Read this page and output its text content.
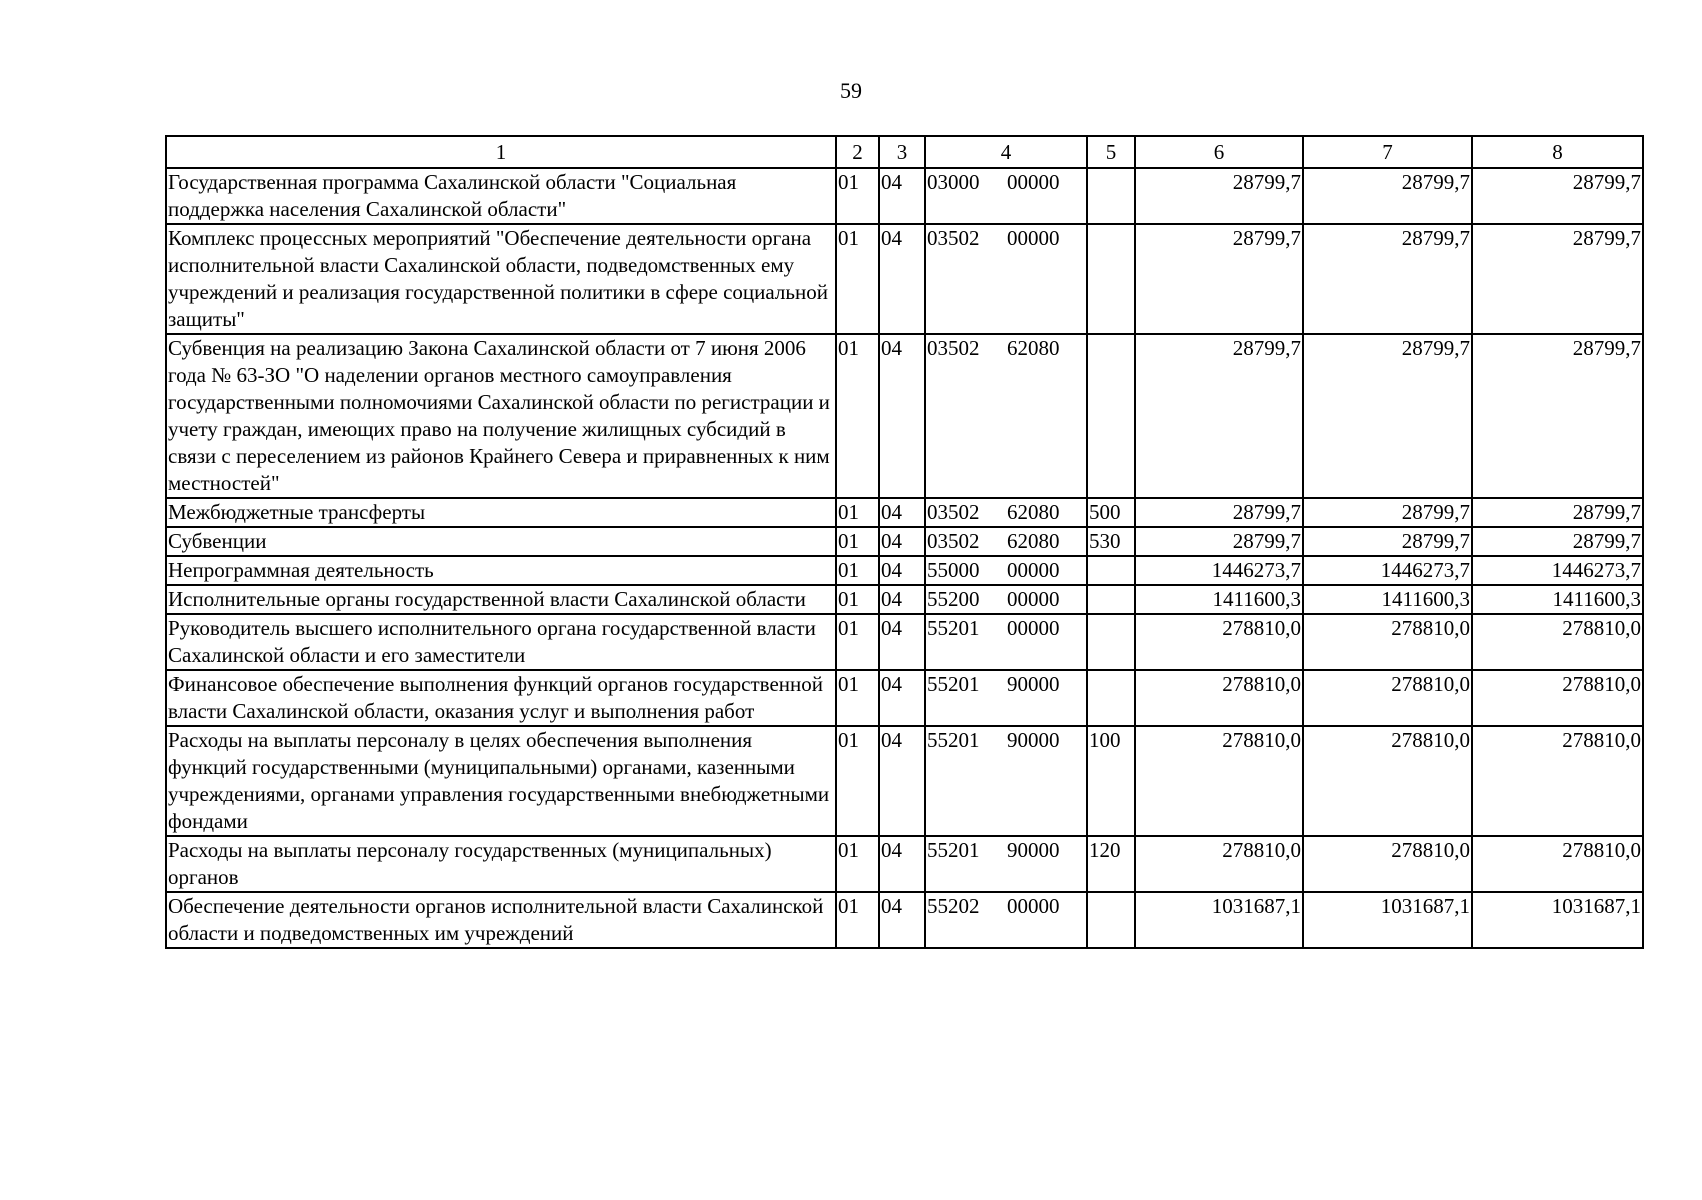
59
1	2	3	4	5	6	7	8
Государственная программа Сахалинской области "Социальная поддержка населения Сахалинской области"	01	04	03000 00000		28799,7	28799,7	28799,7
Комплекс процессных мероприятий "Обеспечение деятельности органа исполнительной власти Сахалинской области, подведомственных ему учреждений и реализация государственной политики в сфере социальной защиты"	01	04	03502 00000		28799,7	28799,7	28799,7
Субвенция на реализацию Закона Сахалинской области от 7 июня 2006 года № 63-ЗО "О наделении органов местного самоуправления государственными полномочиями Сахалинской области по регистрации и учету граждан, имеющих право на получение жилищных субсидий в связи с переселением из районов Крайнего Севера и приравненных к ним местностей"	01	04	03502 62080		28799,7	28799,7	28799,7
Межбюджетные трансферты	01	04	03502 62080	500	28799,7	28799,7	28799,7
Субвенции	01	04	03502 62080	530	28799,7	28799,7	28799,7
Непрограммная деятельность	01	04	55000 00000		1446273,7	1446273,7	1446273,7
Исполнительные органы государственной власти Сахалинской области	01	04	55200 00000		1411600,3	1411600,3	1411600,3
Руководитель высшего исполнительного органа государственной власти Сахалинской области и его заместители	01	04	55201 00000		278810,0	278810,0	278810,0
Финансовое обеспечение выполнения функций органов государственной власти Сахалинской области, оказания услуг и выполнения работ	01	04	55201 90000		278810,0	278810,0	278810,0
Расходы на выплаты персоналу в целях обеспечения выполнения функций государственными (муниципальными) органами, казенными учреждениями, органами управления государственными внебюджетными фондами	01	04	55201 90000	100	278810,0	278810,0	278810,0
Расходы на выплаты персоналу государственных (муниципальных) органов	01	04	55201 90000	120	278810,0	278810,0	278810,0
Обеспечение деятельности органов исполнительной власти Сахалинской области и подведомственных им учреждений	01	04	55202 00000		1031687,1	1031687,1	1031687,1
